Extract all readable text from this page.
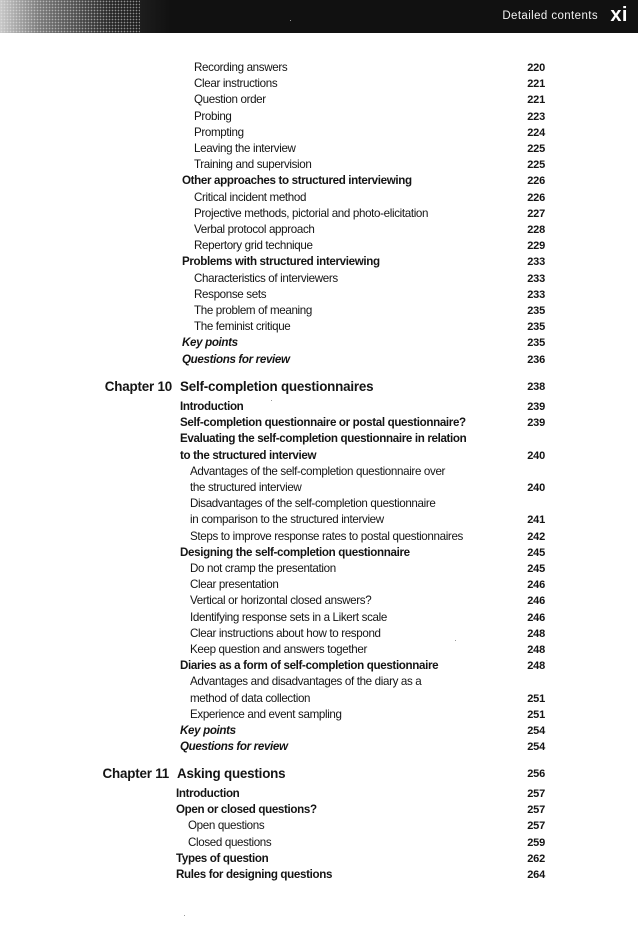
Detailed contents xi
Recording answers	220
Clear instructions	221
Question order	221
Probing	223
Prompting	224
Leaving the interview	225
Training and supervision	225
Other approaches to structured interviewing	226
Critical incident method	226
Projective methods, pictorial and photo-elicitation	227
Verbal protocol approach	228
Repertory grid technique	229
Problems with structured interviewing	233
Characteristics of interviewers	233
Response sets	233
The problem of meaning	235
The feminist critique	235
Key points	235
Questions for review	236
Chapter 10 Self-completion questionnaires	238
Introduction	239
Self-completion questionnaire or postal questionnaire?	239
Evaluating the self-completion questionnaire in relation
to the structured interview	240
Advantages of the self-completion questionnaire over
the structured interview	240
Disadvantages of the self-completion questionnaire
in comparison to the structured interview	241
Steps to improve response rates to postal questionnaires	242
Designing the self-completion questionnaire	245
Do not cramp the presentation	245
Clear presentation	246
Vertical or horizontal closed answers?	246
Identifying response sets in a Likert scale	246
Clear instructions about how to respond	248
Keep question and answers together	248
Diaries as a form of self-completion questionnaire	248
Advantages and disadvantages of the diary as a
method of data collection	251
Experience and event sampling	251
Key points	254
Questions for review	254
Chapter 11 Asking questions	256
Introduction	257
Open or closed questions?	257
Open questions	257
Closed questions	259
Types of question	262
Rules for designing questions	264
